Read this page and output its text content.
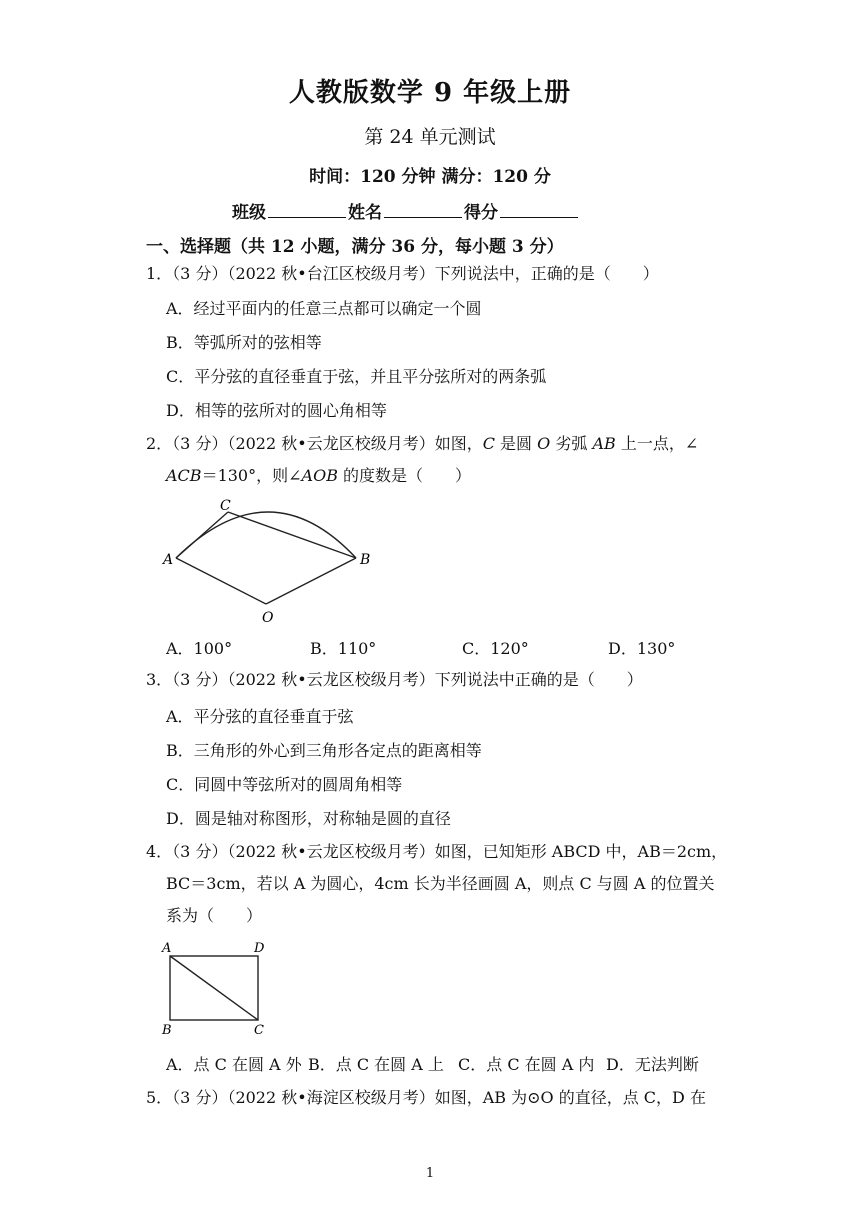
人教版数学 9 年级上册
第 24 单元测试
时间：120 分钟 满分：120 分
班级	姓名	得分
一、选择题（共 12 小题，满分 36 分，每小题 3 分）
1．（3 分）（2022 秋•台江区校级月考）下列说法中，正确的是（　　）
A．经过平面内的任意三点都可以确定一个圆
B．等弧所对的弦相等
C．平分弦的直径垂直于弦，并且平分弦所对的两条弧
D．相等的弦所对的圆心角相等
2．（3 分）（2022 秋•云龙区校级月考）如图，C 是圆 O 劣弧 AB 上一点，∠
ACB＝130°，则∠AOB 的度数是（　　）
A
C
B
O
A．100°	B．110°	C．120°	D．130°
3．（3 分）（2022 秋•云龙区校级月考）下列说法中正确的是（　　）
A．平分弦的直径垂直于弦
B．三角形的外心到三角形各定点的距离相等
C．同圆中等弦所对的圆周角相等
D．圆是轴对称图形，对称轴是圆的直径
4．（3 分）（2022 秋•云龙区校级月考）如图，已知矩形 ABCD 中，AB＝2cm，
BC＝3cm，若以 A 为圆心，4cm 长为半径画圆 A，则点 C 与圆 A 的位置关
系为（　　）
A	D
B	C
A．点 C 在圆 A 外 B．点 C 在圆 A 上 C．点 C 在圆 A 内 D．无法判断
5．（3 分）（2022 秋•海淀区校级月考）如图，AB 为⊙O 的直径，点 C，D 在
1
